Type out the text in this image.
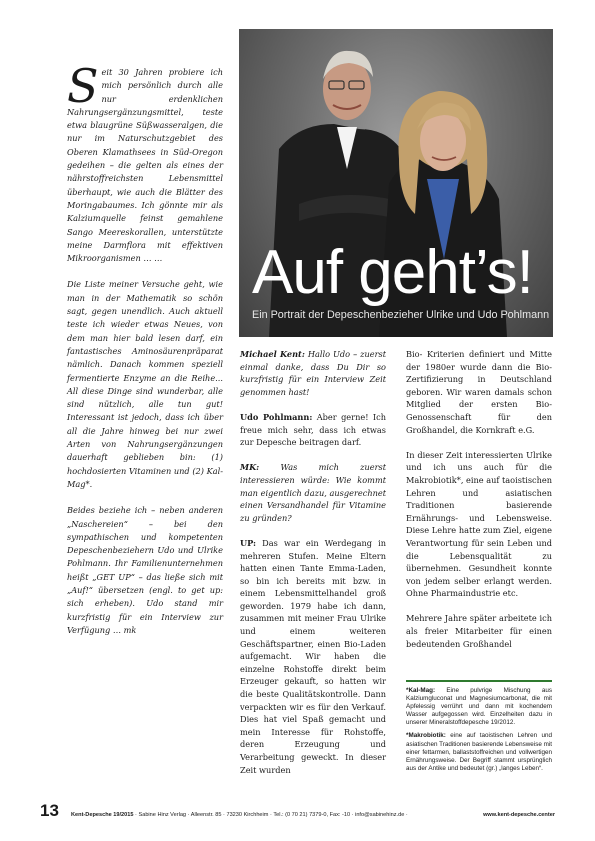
Seit 30 Jahren probiere ich mich persönlich durch alle nur erdenklichen Nahrungsergänzungsmittel, teste etwa blaugrüne Süßwasseralgen, die nur im Naturschutzgebiet des Oberen Klamathsees in Süd-Oregon gedeihen – die gelten als eines der nährstoffreichsten Lebensmittel überhaupt, wie auch die Blätter des Moringabaumes. Ich gönnte mir als Kalziumquelle feinst gemahlene Sango Meereskorallen, unterstützte meine Darmflora mit effektiven Mikroorganismen … …

Die Liste meiner Versuche geht, wie man in der Mathematik so schön sagt, gegen unendlich. Auch aktuell teste ich wieder etwas Neues, von dem man hier bald lesen darf, ein fantastisches Aminosäurenpräparat nämlich. Danach kommen speziell fermentierte Enzyme an die Reihe... All diese Dinge sind wunderbar, alle sind nützlich, alle tun gut! Interessant ist jedoch, dass ich über all die Jahre hinweg bei nur zwei Arten von Nahrungsergänzungen dauerhaft geblieben bin: (1) hochdosierten Vitaminen und (2) Kal-Mag*.

Beides beziehe ich – neben anderen „Naschereien“ – bei den sympathischen und kompetenten Depeschenbeziehern Udo und Ulrike Pohlmann. Ihr Familienunternehmen heißt „GET UP“ – das ließe sich mit „Auf!“ übersetzen (engl. to get up: sich erheben). Udo stand mir kurzfristig für ein Interview zur Verfügung … mk

Auf geht’s!
Ein Portrait der Depeschenbezieher Ulrike und Udo Pohlmann

Michael Kent: Hallo Udo – zuerst einmal danke, dass Du Dir so kurzfristig für ein Interview Zeit genommen hast!

Udo Pohlmann: Aber gerne! Ich freue mich sehr, dass ich etwas zur Depesche beitragen darf.

MK: Was mich zuerst interessieren würde: Wie kommt man eigentlich dazu, ausgerechnet einen Versandhandel für Vitamine zu gründen?

UP: Das war ein Werdegang in mehreren Stufen. Meine Eltern hatten einen Tante Emma-Laden, so bin ich bereits mit bzw. in einem Lebensmittelhandel groß geworden. 1979 habe ich dann, zusammen mit meiner Frau Ulrike und einem weiteren Geschäftspartner, einen Bio-Laden aufgemacht. Wir haben die einzelne Rohstoffe direkt beim Erzeuger gekauft, so hatten wir die beste Qualitätskontrolle. Dann verpackten wir es für den Verkauf. Dies hat viel Spaß gemacht und mein Interesse für Rohstoffe, deren Erzeugung und Verarbeitung geweckt. In dieser Zeit wurden

Bio- Kriterien definiert und Mitte der 1980er wurde dann die Bio-Zertifizierung in Deutschland geboren. Wir waren damals schon Mitglied der ersten Bio-Genossenschaft für den Großhandel, die Kornkraft e.G.

In dieser Zeit interessierten Ulrike und ich uns auch für die Makrobiotik*, eine auf taoistischen Lehren und asiatischen Traditionen basierende Ernährungs- und Lebensweise. Diese Lehre hatte zum Ziel, eigene Verantwortung für sein Leben und die Lebensqualität zu übernehmen. Gesundheit konnte von jedem selber erlangt werden. Ohne Pharmaindustrie etc.

Mehrere Jahre später arbeitete ich als freier Mitarbeiter für einen bedeutenden Großhandel

*Kal-Mag: Eine pulvrige Mischung aus Kalziumgluconat und Magnesiumcarbonat, die mit Apfelessig verrührt und dann mit kochendem Wasser aufgegossen wird. Einzelheiten dazu in unserer Mineralstoffdepesche 19/2012.

*Makrobiotik: eine auf taoistischen Lehren und asiatischen Traditionen basierende Lebensweise mit einer fettarmen, ballaststoffreichen und vollwertigen Ernährungsweise. Der Begriff stammt ursprünglich aus der Antike und bedeutet (gr.) „langes Leben“.

13 Kent-Depesche 19/2015 · Sabine Hinz Verlag · Alleenstr. 85 · 73230 Kirchheim · Tel.: (0 70 21) 7379-0, Fax: -10 · info@sabinehinz.de ·	www.kent-depesche.center
